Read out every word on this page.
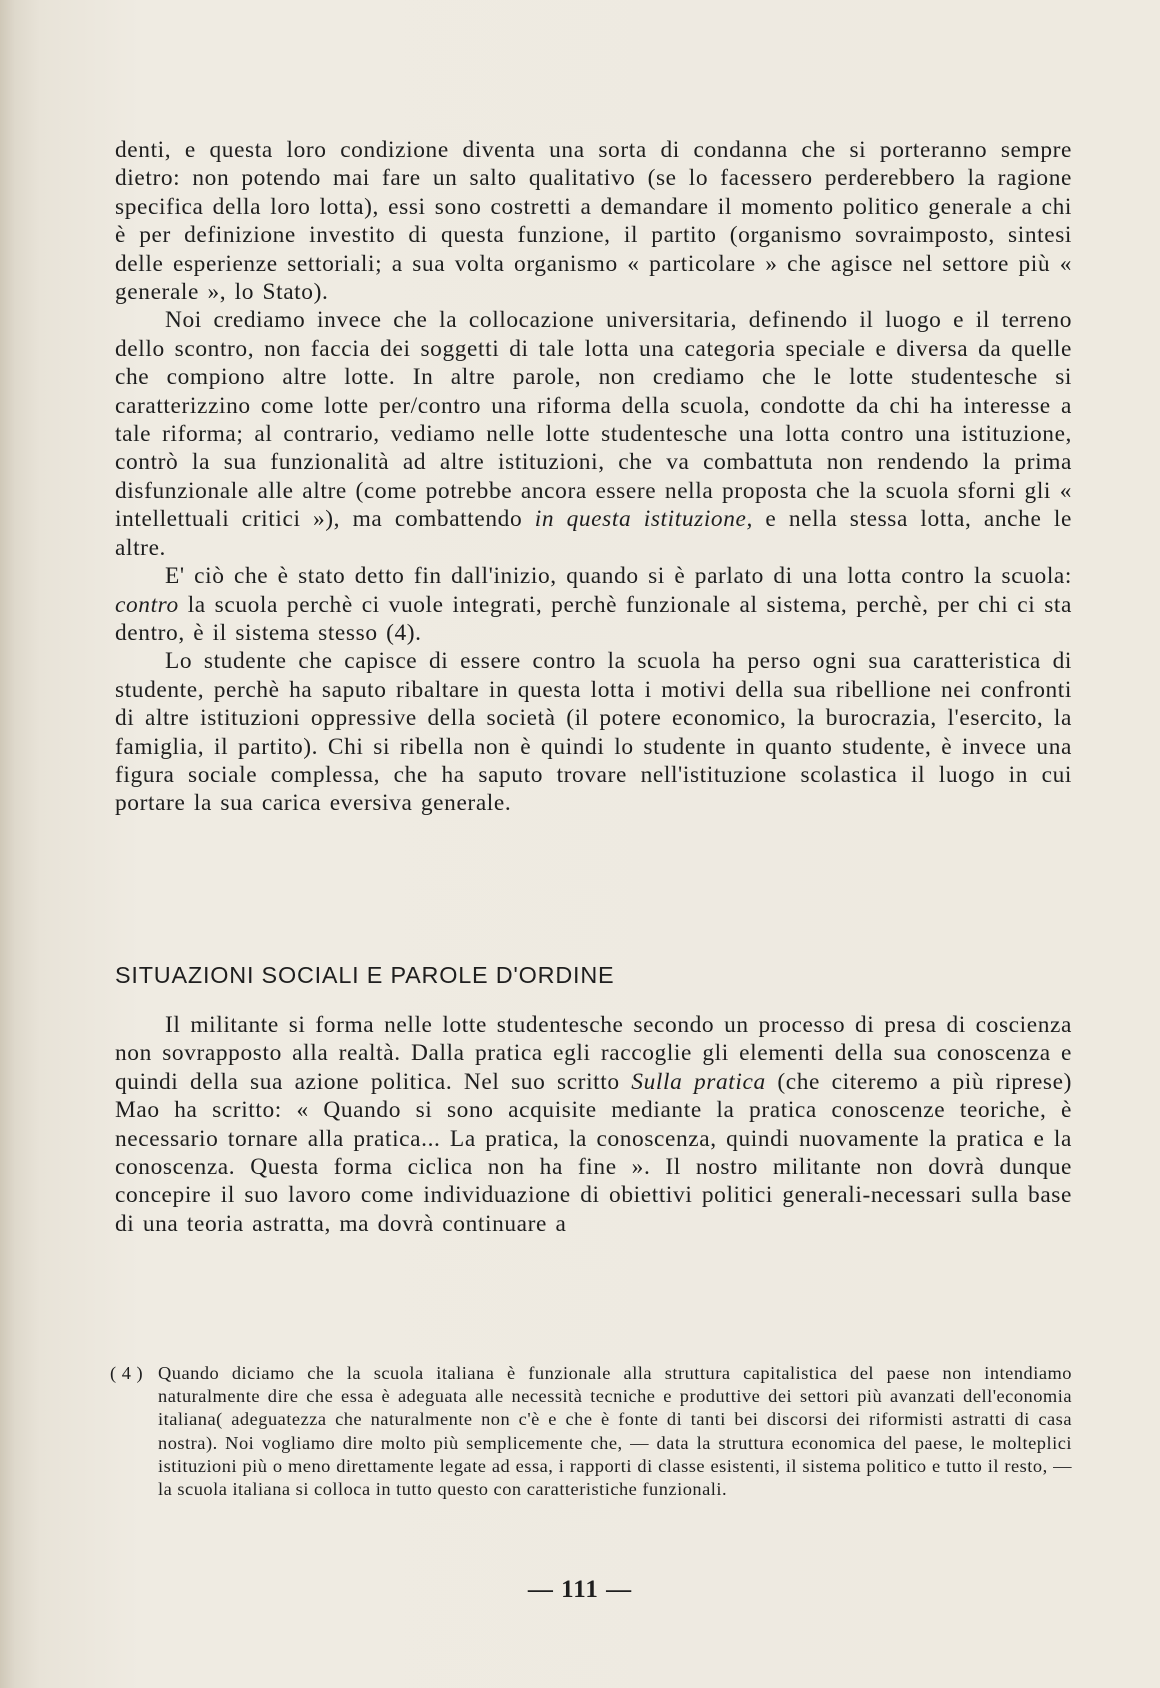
denti, e questa loro condizione diventa una sorta di condanna che si porteranno sempre dietro: non potendo mai fare un salto qualitativo (se lo facessero perderebbero la ragione specifica della loro lotta), essi sono costretti a demandare il momento politico generale a chi è per definizione investito di questa funzione, il partito (organismo sovraimposto, sintesi delle esperienze settoriali; a sua volta organismo « particolare » che agisce nel settore più « generale », lo Stato).

Noi crediamo invece che la collocazione universitaria, definendo il luogo e il terreno dello scontro, non faccia dei soggetti di tale lotta una categoria speciale e diversa da quelle che compiono altre lotte. In altre parole, non crediamo che le lotte studentesche si caratterizzino come lotte per/contro una riforma della scuola, condotte da chi ha interesse a tale riforma; al contrario, vediamo nelle lotte studentesche una lotta contro una istituzione, contrò la sua funzionalità ad altre istituzioni, che va combattuta non rendendo la prima disfunzionale alle altre (come potrebbe ancora essere nella proposta che la scuola sforni gli « intellettuali critici »), ma combattendo in questa istituzione, e nella stessa lotta, anche le altre.

E' ciò che è stato detto fin dall'inizio, quando si è parlato di una lotta contro la scuola: contro la scuola perchè ci vuole integrati, perchè funzionale al sistema, perchè, per chi ci sta dentro, è il sistema stesso (4).

Lo studente che capisce di essere contro la scuola ha perso ogni sua caratteristica di studente, perchè ha saputo ribaltare in questa lotta i motivi della sua ribellione nei confronti di altre istituzioni oppressive della società (il potere economico, la burocrazia, l'esercito, la famiglia, il partito). Chi si ribella non è quindi lo studente in quanto studente, è invece una figura sociale complessa, che ha saputo trovare nell'istituzione scolastica il luogo in cui portare la sua carica eversiva generale.

SITUAZIONI SOCIALI E PAROLE D'ORDINE

Il militante si forma nelle lotte studentesche secondo un processo di presa di coscienza non sovrapposto alla realtà. Dalla pratica egli raccoglie gli elementi della sua conoscenza e quindi della sua azione politica. Nel suo scritto Sulla pratica (che citeremo a più riprese) Mao ha scritto: « Quando si sono acquisite mediante la pratica conoscenze teoriche, è necessario tornare alla pratica... La pratica, la conoscenza, quindi nuovamente la pratica e la conoscenza. Questa forma ciclica non ha fine ». Il nostro militante non dovrà dunque concepire il suo lavoro come individuazione di obiettivi politici generali-necessari sulla base di una teoria astratta, ma dovrà continuare a

( 4 ) Quando diciamo che la scuola italiana è funzionale alla struttura capitalistica del paese non intendiamo naturalmente dire che essa è adeguata alle necessità tecniche e produttive dei settori più avanzati dell'economia italiana( adeguatezza che naturalmente non c'è e che è fonte di tanti bei discorsi dei riformisti astratti di casa nostra). Noi vogliamo dire molto più semplicemente che, — data la struttura economica del paese, le molteplici istituzioni più o meno direttamente legate ad essa, i rapporti di classe esistenti, il sistema politico e tutto il resto, — la scuola italiana si colloca in tutto questo con caratteristiche funzionali.
— 111 —
